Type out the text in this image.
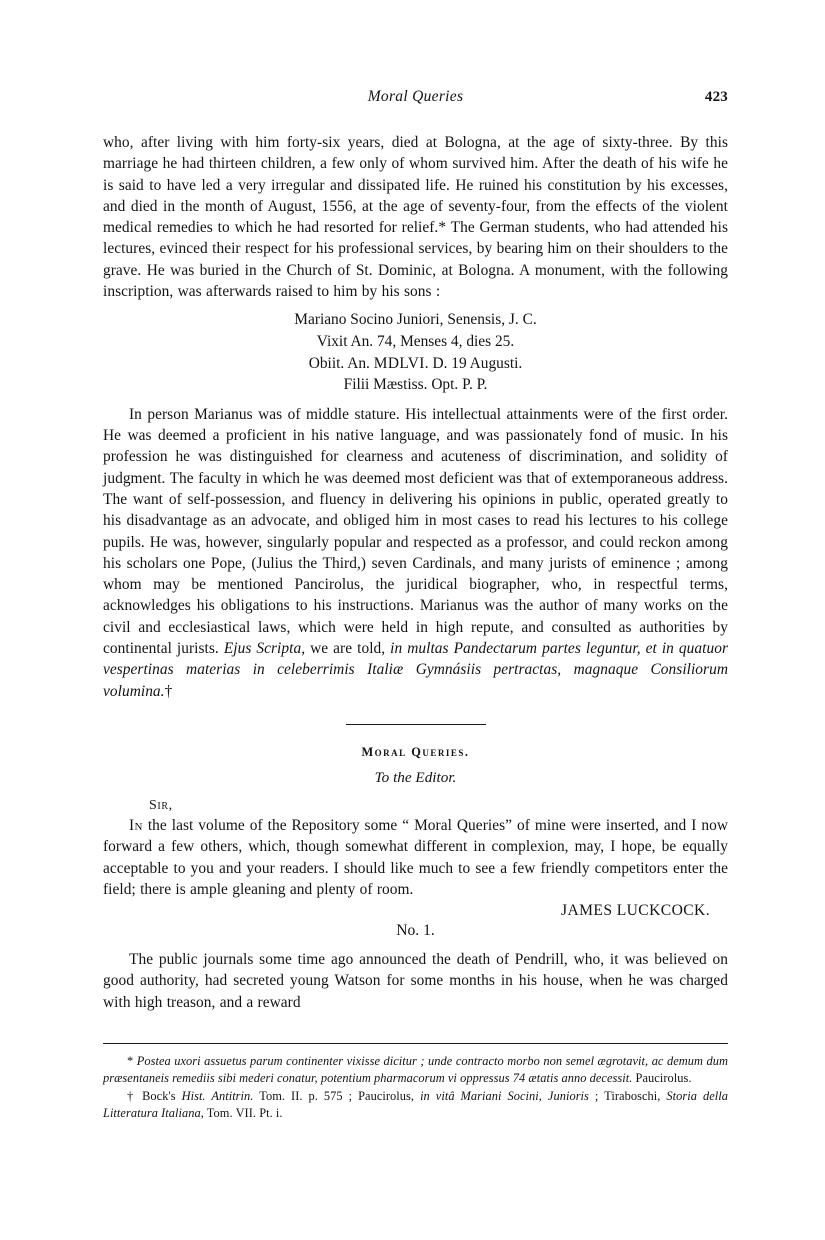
Moral Queries	423

who, after living with him forty-six years, died at Bologna, at the age of sixty-three. By this marriage he had thirteen children, a few only of whom survived him. After the death of his wife he is said to have led a very irregular and dissipated life. He ruined his constitution by his excesses, and died in the month of August, 1556, at the age of seventy-four, from the effects of the violent medical remedies to which he had resorted for relief.* The German students, who had attended his lectures, evinced their respect for his professional services, by bearing him on their shoulders to the grave. He was buried in the Church of St. Dominic, at Bologna. A monument, with the following inscription, was afterwards raised to him by his sons :

Mariano Socino Juniori, Senensis, J. C.
Vixit An. 74, Menses 4, dies 25.
Obiit. An. MDLVI. D. 19 Augusti.
Filii Mæstiss. Opt. P. P.

In person Marianus was of middle stature. His intellectual attainments were of the first order. He was deemed a proficient in his native language, and was passionately fond of music. In his profession he was distinguished for clearness and acuteness of discrimination, and solidity of judgment. The faculty in which he was deemed most deficient was that of extemporaneous address. The want of self-possession, and fluency in delivering his opinions in public, operated greatly to his disadvantage as an advocate, and obliged him in most cases to read his lectures to his college pupils. He was, however, singularly popular and respected as a professor, and could reckon among his scholars one Pope, (Julius the Third,) seven Cardinals, and many jurists of eminence ; among whom may be mentioned Pancirolus, the juridical biographer, who, in respectful terms, acknowledges his obligations to his instructions. Marianus was the author of many works on the civil and ecclesiastical laws, which were held in high repute, and consulted as authorities by continental jurists. Ejus Scripta, we are told, in multas Pandectarum partes leguntur, et in quatuor vespertinas materias in celeberrimis Italiæ Gymnásiis pertractas, magnaque Consiliorum volumina.†

Moral Queries.
To the Editor.
Sir,

In the last volume of the Repository some “ Moral Queries” of mine were inserted, and I now forward a few others, which, though somewhat different in complexion, may, I hope, be equally acceptable to you and your readers. I should like much to see a few friendly competitors enter the field; there is ample gleaning and plenty of room.

JAMES LUCKCOCK.
No. 1.

The public journals some time ago announced the death of Pendrill, who, it was believed on good authority, had secreted young Watson for some months in his house, when he was charged with high treason, and a reward

* Postea uxori assuetus parum continenter vixisse dicitur ; unde contracto morbo non semel ægrotavit, ac demum dum præsentaneis remediis sibi mederi conatur, potentium pharmacorum vi oppressus 74 ætatis anno decessit. Paucirolus.

† Bock's Hist. Antitrin. Tom. II. p. 575 ; Paucirolus, in vitâ Mariani Socini, Junioris ; Tiraboschi, Storia della Litteratura Italiana, Tom. VII. Pt. i.
